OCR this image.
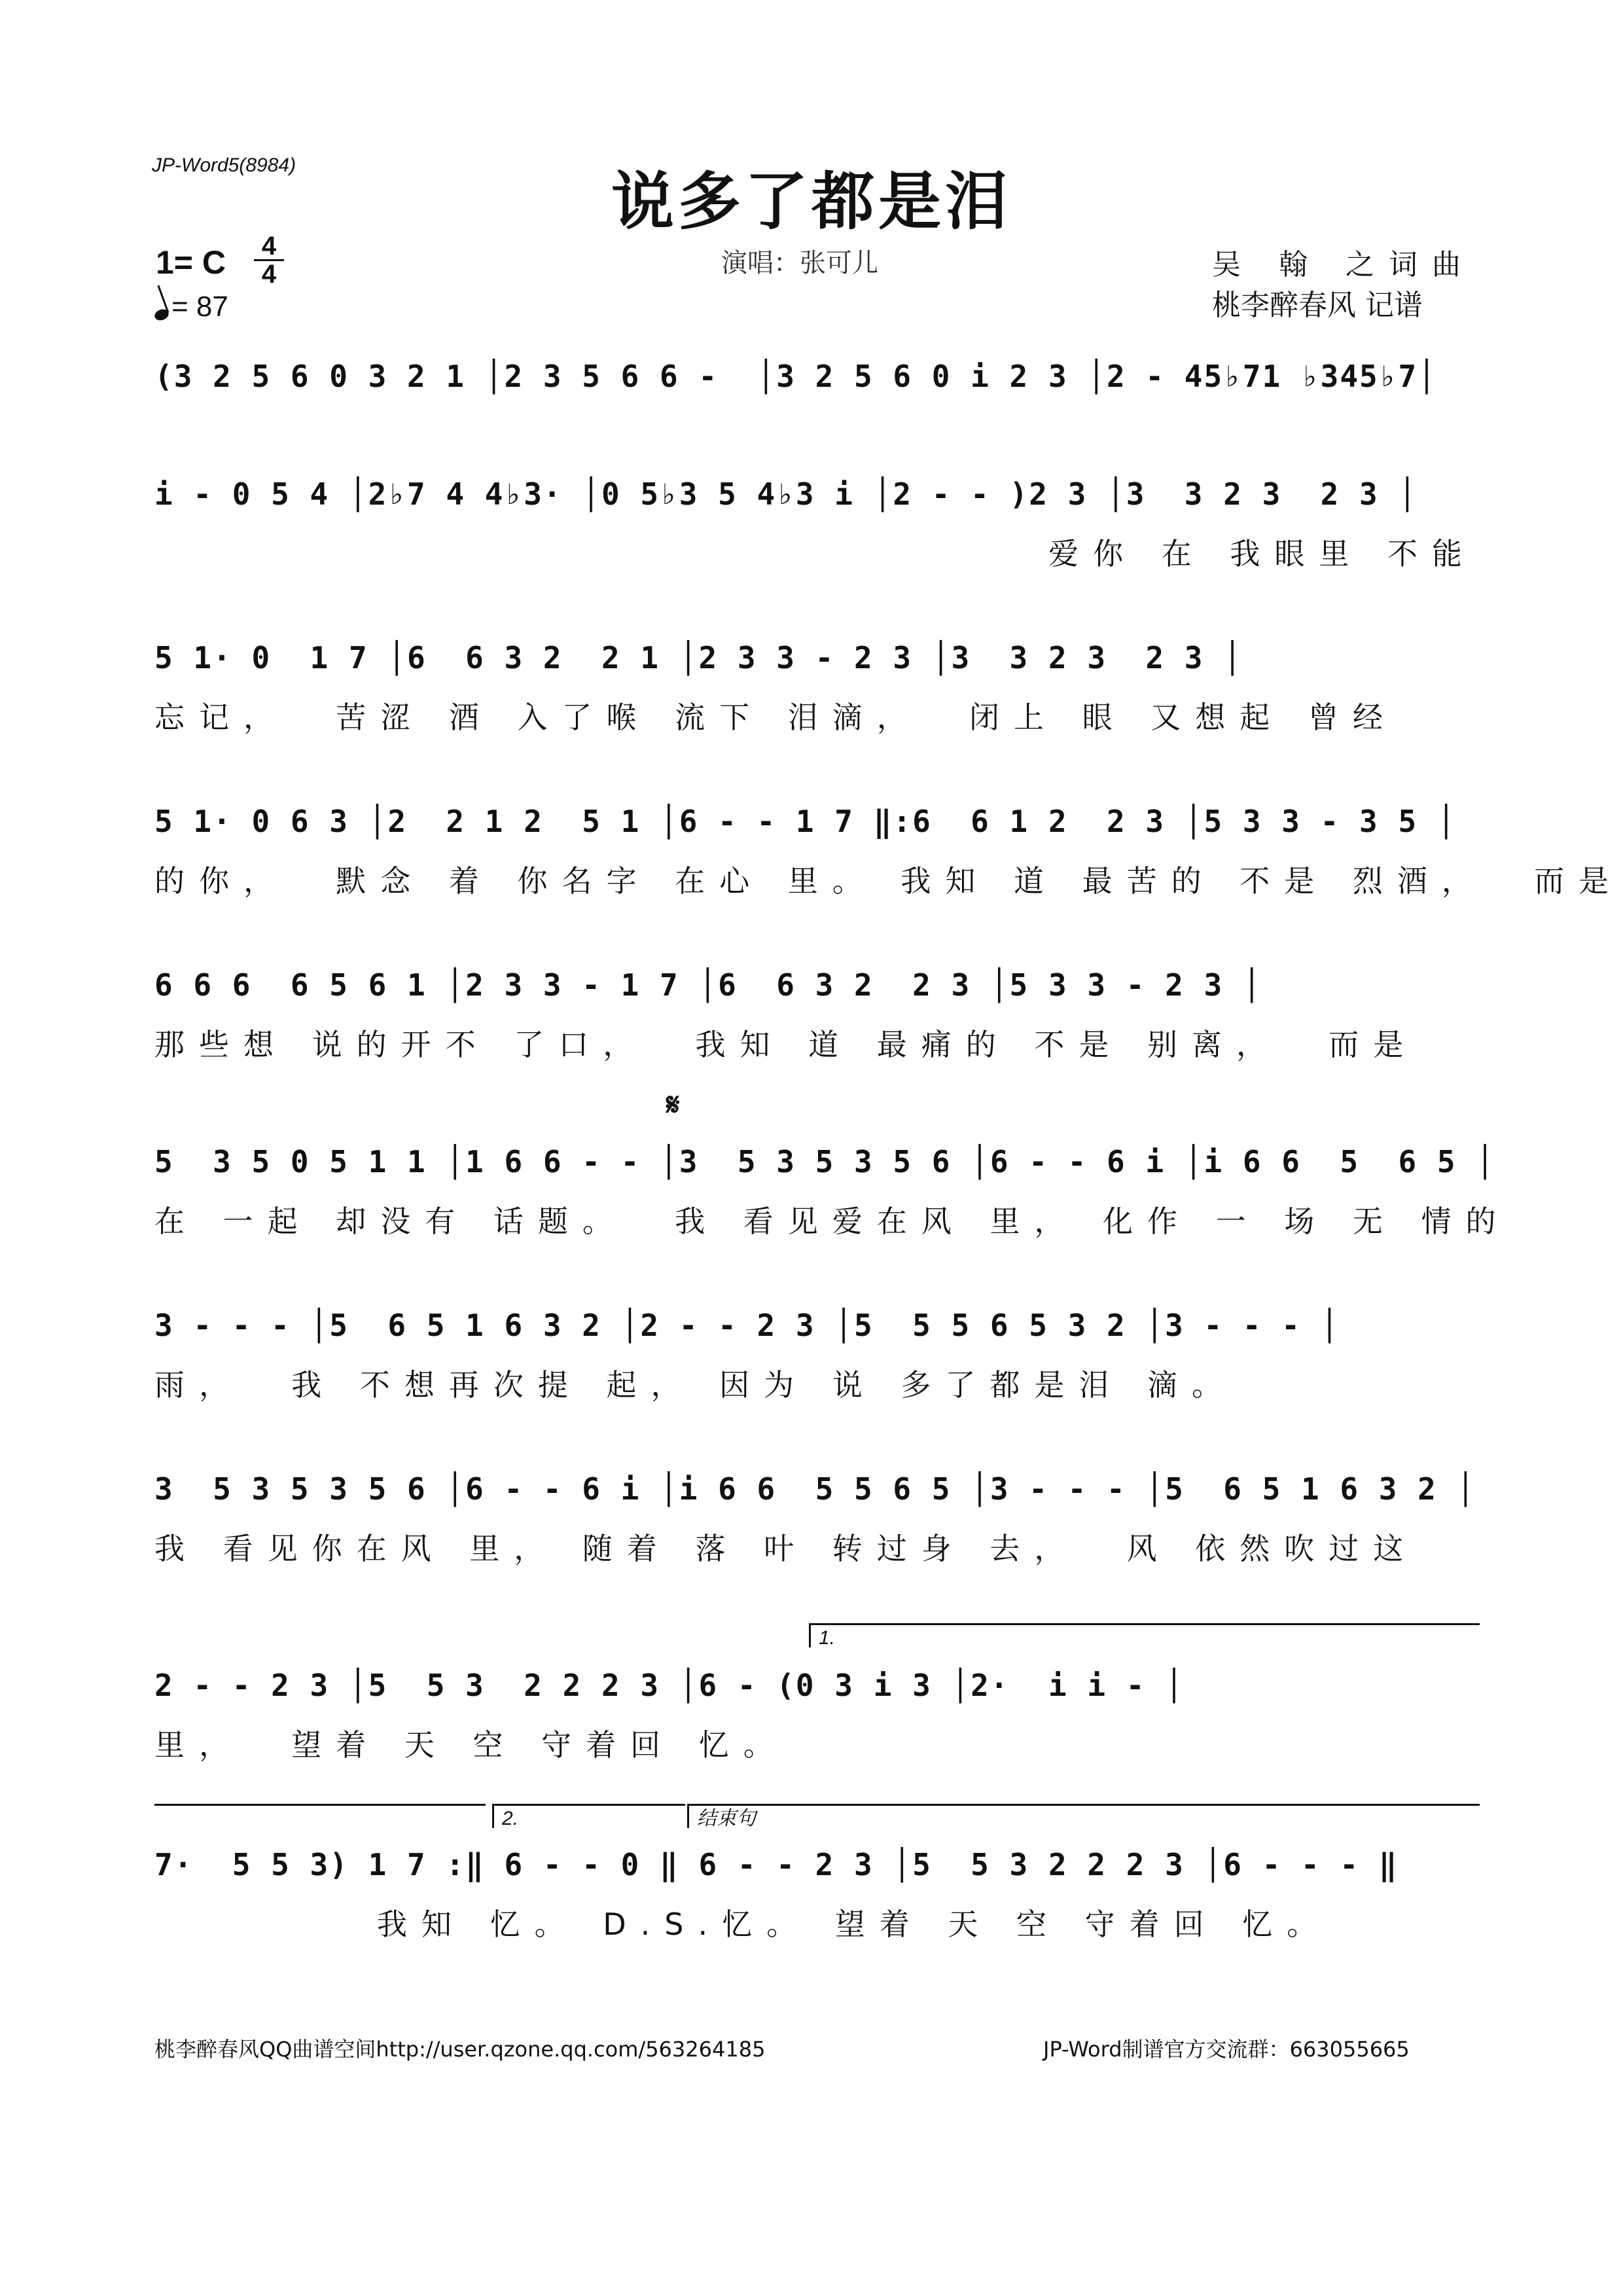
JP-Word5(8984)	说多了都是泪
1= C 4
4
= 87
演唱：张可儿	吴 翰 之词曲
桃李醉春风 记谱
(3 2 5 6 0 3 2 1 │2 3 5 6 6 -  │3 2 5 6 0 i 2 3 │2 - 45♭71 ♭345♭7│
i - 0 5 4 │2♭7 4 4♭3· │0 5♭3 5 4♭3 i │2 - - )2 3 │3  3 2 3  2 3 │
爱你 在 我眼里 不能
5 1· 0  1 7 │6  6 3 2  2 1 │2 3 3 - 2 3 │3  3 2 3  2 3 │
忘记，  苦涩 酒 入了喉 流下 泪滴，  闭上 眼 又想起 曾经
5 1· 0 6 3 │2  2 1 2  5 1 │6 - - 1 7 ‖:6  6 1 2  2 3 │5 3 3 - 3 5 │
的你，  默念 着 你名字 在心 里。 我知 道 最苦的 不是 烈酒，  而是
6 6 6  6 5 6 1 │2 3 3 - 1 7 │6  6 3 2  2 3 │5 3 3 - 2 3 │
那些想 说的开不 了口，  我知 道 最痛的 不是 别离，  而是
𝄋
5  3 5 0 5 1 1 │1 6 6 - - │3  5 3 5 3 5 6 │6 - - 6 i │i 6 6  5  6 5 │
在 一起 却没有 话题。  我 看见爱在风 里， 化作 一 场 无 情的
3 - - - │5  6 5 1 6 3 2 │2 - - 2 3 │5  5 5 6 5 3 2 │3 - - - │
雨，  我 不想再次提 起， 因为 说 多了都是泪 滴。
3  5 3 5 3 5 6 │6 - - 6 i │i 6 6  5 5 6 5 │3 - - - │5  6 5 1 6 3 2 │
我 看见你在风 里， 随着 落 叶 转过身 去，  风 依然吹过这
1.
2 - - 2 3 │5  5 3  2 2 2 3 │6 - (0 3 i 3 │2·  i i - │
里，  望着 天 空 守着回 忆。
2.	结束句
7·  5 5 3) 1 7 :‖ 6 - - 0 ‖ 6 - - 2 3 │5  5 3 2 2 2 3 │6 - - - ‖
我知 忆。 D.S.忆。 望着 天 空 守着回 忆。
桃李醉春风QQ曲谱空间http://user.qzone.qq.com/563264185	JP-Word制谱官方交流群：663055665
